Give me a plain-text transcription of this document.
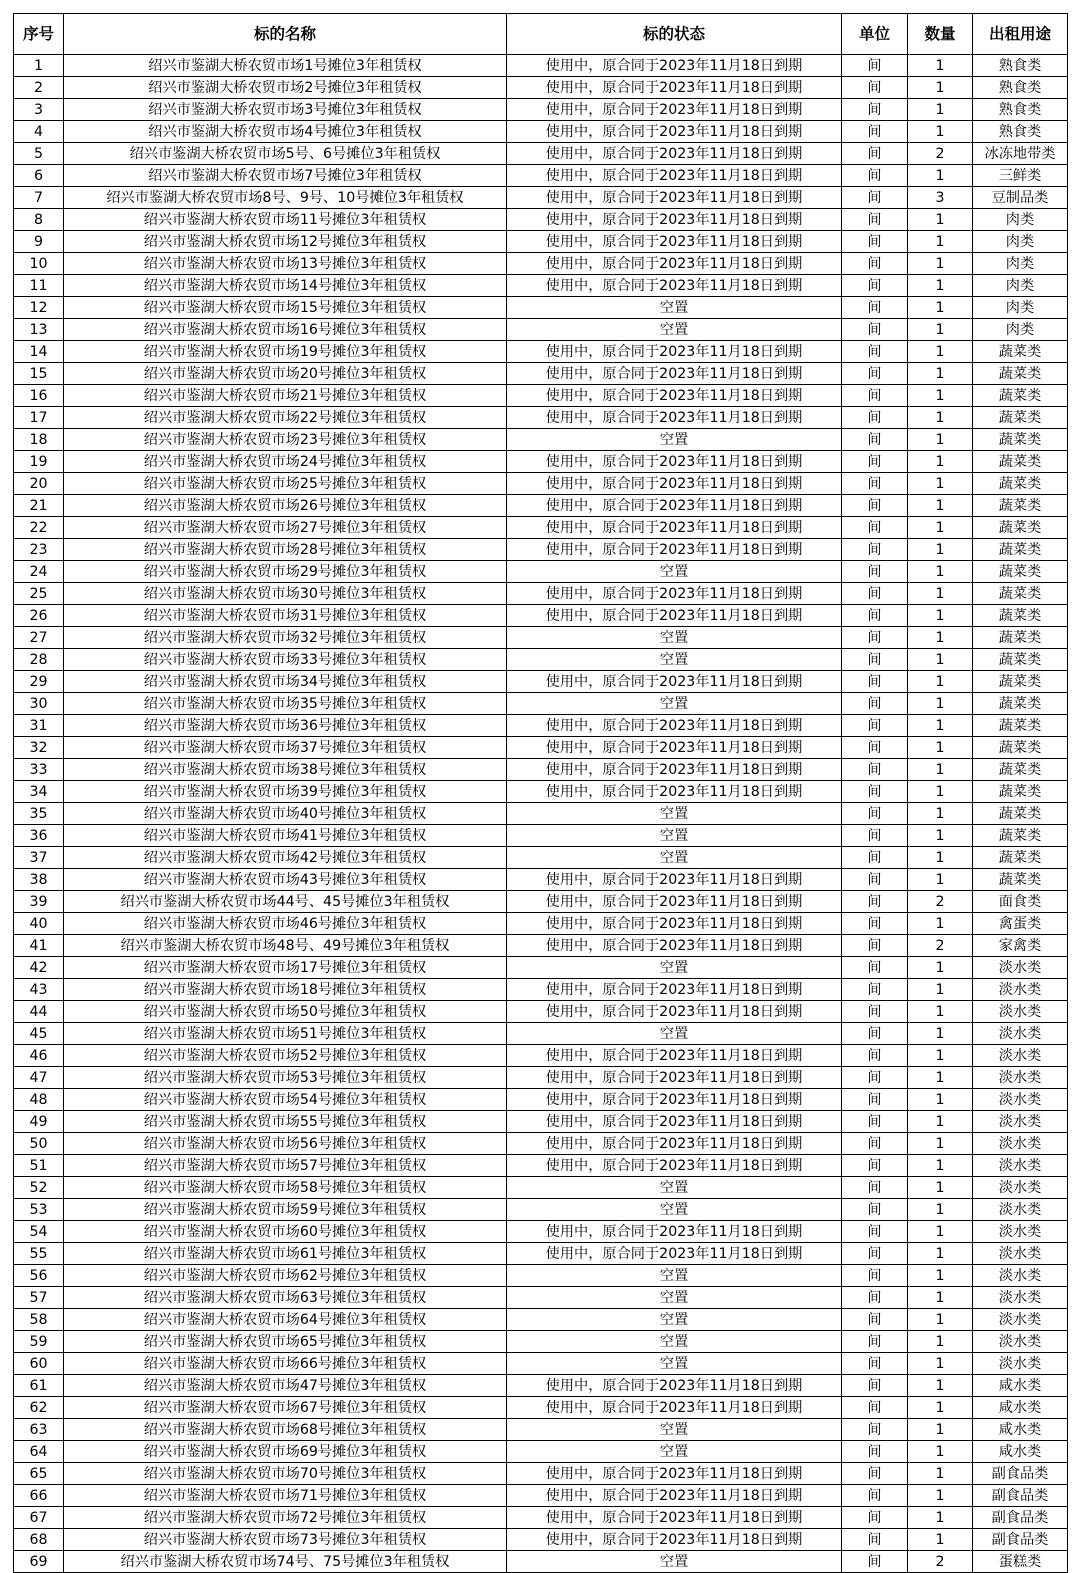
序号	标的名称	标的状态	单位	数量	出租用途
1	绍兴市鉴湖大桥农贸市场1号摊位3年租赁权	使用中，原合同于2023年11月18日到期	间	1	熟食类
2	绍兴市鉴湖大桥农贸市场2号摊位3年租赁权	使用中，原合同于2023年11月18日到期	间	1	熟食类
3	绍兴市鉴湖大桥农贸市场3号摊位3年租赁权	使用中，原合同于2023年11月18日到期	间	1	熟食类
4	绍兴市鉴湖大桥农贸市场4号摊位3年租赁权	使用中，原合同于2023年11月18日到期	间	1	熟食类
5	绍兴市鉴湖大桥农贸市场5号、6号摊位3年租赁权	使用中，原合同于2023年11月18日到期	间	2	冰冻地带类
6	绍兴市鉴湖大桥农贸市场7号摊位3年租赁权	使用中，原合同于2023年11月18日到期	间	1	三鲜类
7	绍兴市鉴湖大桥农贸市场8号、9号、10号摊位3年租赁权	使用中，原合同于2023年11月18日到期	间	3	豆制品类
8	绍兴市鉴湖大桥农贸市场11号摊位3年租赁权	使用中，原合同于2023年11月18日到期	间	1	肉类
9	绍兴市鉴湖大桥农贸市场12号摊位3年租赁权	使用中，原合同于2023年11月18日到期	间	1	肉类
10	绍兴市鉴湖大桥农贸市场13号摊位3年租赁权	使用中，原合同于2023年11月18日到期	间	1	肉类
11	绍兴市鉴湖大桥农贸市场14号摊位3年租赁权	使用中，原合同于2023年11月18日到期	间	1	肉类
12	绍兴市鉴湖大桥农贸市场15号摊位3年租赁权	空置	间	1	肉类
13	绍兴市鉴湖大桥农贸市场16号摊位3年租赁权	空置	间	1	肉类
14	绍兴市鉴湖大桥农贸市场19号摊位3年租赁权	使用中，原合同于2023年11月18日到期	间	1	蔬菜类
15	绍兴市鉴湖大桥农贸市场20号摊位3年租赁权	使用中，原合同于2023年11月18日到期	间	1	蔬菜类
16	绍兴市鉴湖大桥农贸市场21号摊位3年租赁权	使用中，原合同于2023年11月18日到期	间	1	蔬菜类
17	绍兴市鉴湖大桥农贸市场22号摊位3年租赁权	使用中，原合同于2023年11月18日到期	间	1	蔬菜类
18	绍兴市鉴湖大桥农贸市场23号摊位3年租赁权	空置	间	1	蔬菜类
19	绍兴市鉴湖大桥农贸市场24号摊位3年租赁权	使用中，原合同于2023年11月18日到期	间	1	蔬菜类
20	绍兴市鉴湖大桥农贸市场25号摊位3年租赁权	使用中，原合同于2023年11月18日到期	间	1	蔬菜类
21	绍兴市鉴湖大桥农贸市场26号摊位3年租赁权	使用中，原合同于2023年11月18日到期	间	1	蔬菜类
22	绍兴市鉴湖大桥农贸市场27号摊位3年租赁权	使用中，原合同于2023年11月18日到期	间	1	蔬菜类
23	绍兴市鉴湖大桥农贸市场28号摊位3年租赁权	使用中，原合同于2023年11月18日到期	间	1	蔬菜类
24	绍兴市鉴湖大桥农贸市场29号摊位3年租赁权	空置	间	1	蔬菜类
25	绍兴市鉴湖大桥农贸市场30号摊位3年租赁权	使用中，原合同于2023年11月18日到期	间	1	蔬菜类
26	绍兴市鉴湖大桥农贸市场31号摊位3年租赁权	使用中，原合同于2023年11月18日到期	间	1	蔬菜类
27	绍兴市鉴湖大桥农贸市场32号摊位3年租赁权	空置	间	1	蔬菜类
28	绍兴市鉴湖大桥农贸市场33号摊位3年租赁权	空置	间	1	蔬菜类
29	绍兴市鉴湖大桥农贸市场34号摊位3年租赁权	使用中，原合同于2023年11月18日到期	间	1	蔬菜类
30	绍兴市鉴湖大桥农贸市场35号摊位3年租赁权	空置	间	1	蔬菜类
31	绍兴市鉴湖大桥农贸市场36号摊位3年租赁权	使用中，原合同于2023年11月18日到期	间	1	蔬菜类
32	绍兴市鉴湖大桥农贸市场37号摊位3年租赁权	使用中，原合同于2023年11月18日到期	间	1	蔬菜类
33	绍兴市鉴湖大桥农贸市场38号摊位3年租赁权	使用中，原合同于2023年11月18日到期	间	1	蔬菜类
34	绍兴市鉴湖大桥农贸市场39号摊位3年租赁权	使用中，原合同于2023年11月18日到期	间	1	蔬菜类
35	绍兴市鉴湖大桥农贸市场40号摊位3年租赁权	空置	间	1	蔬菜类
36	绍兴市鉴湖大桥农贸市场41号摊位3年租赁权	空置	间	1	蔬菜类
37	绍兴市鉴湖大桥农贸市场42号摊位3年租赁权	空置	间	1	蔬菜类
38	绍兴市鉴湖大桥农贸市场43号摊位3年租赁权	使用中，原合同于2023年11月18日到期	间	1	蔬菜类
39	绍兴市鉴湖大桥农贸市场44号、45号摊位3年租赁权	使用中，原合同于2023年11月18日到期	间	2	面食类
40	绍兴市鉴湖大桥农贸市场46号摊位3年租赁权	使用中，原合同于2023年11月18日到期	间	1	禽蛋类
41	绍兴市鉴湖大桥农贸市场48号、49号摊位3年租赁权	使用中，原合同于2023年11月18日到期	间	2	家禽类
42	绍兴市鉴湖大桥农贸市场17号摊位3年租赁权	空置	间	1	淡水类
43	绍兴市鉴湖大桥农贸市场18号摊位3年租赁权	使用中，原合同于2023年11月18日到期	间	1	淡水类
44	绍兴市鉴湖大桥农贸市场50号摊位3年租赁权	使用中，原合同于2023年11月18日到期	间	1	淡水类
45	绍兴市鉴湖大桥农贸市场51号摊位3年租赁权	空置	间	1	淡水类
46	绍兴市鉴湖大桥农贸市场52号摊位3年租赁权	使用中，原合同于2023年11月18日到期	间	1	淡水类
47	绍兴市鉴湖大桥农贸市场53号摊位3年租赁权	使用中，原合同于2023年11月18日到期	间	1	淡水类
48	绍兴市鉴湖大桥农贸市场54号摊位3年租赁权	使用中，原合同于2023年11月18日到期	间	1	淡水类
49	绍兴市鉴湖大桥农贸市场55号摊位3年租赁权	使用中，原合同于2023年11月18日到期	间	1	淡水类
50	绍兴市鉴湖大桥农贸市场56号摊位3年租赁权	使用中，原合同于2023年11月18日到期	间	1	淡水类
51	绍兴市鉴湖大桥农贸市场57号摊位3年租赁权	使用中，原合同于2023年11月18日到期	间	1	淡水类
52	绍兴市鉴湖大桥农贸市场58号摊位3年租赁权	空置	间	1	淡水类
53	绍兴市鉴湖大桥农贸市场59号摊位3年租赁权	空置	间	1	淡水类
54	绍兴市鉴湖大桥农贸市场60号摊位3年租赁权	使用中，原合同于2023年11月18日到期	间	1	淡水类
55	绍兴市鉴湖大桥农贸市场61号摊位3年租赁权	使用中，原合同于2023年11月18日到期	间	1	淡水类
56	绍兴市鉴湖大桥农贸市场62号摊位3年租赁权	空置	间	1	淡水类
57	绍兴市鉴湖大桥农贸市场63号摊位3年租赁权	空置	间	1	淡水类
58	绍兴市鉴湖大桥农贸市场64号摊位3年租赁权	空置	间	1	淡水类
59	绍兴市鉴湖大桥农贸市场65号摊位3年租赁权	空置	间	1	淡水类
60	绍兴市鉴湖大桥农贸市场66号摊位3年租赁权	空置	间	1	淡水类
61	绍兴市鉴湖大桥农贸市场47号摊位3年租赁权	使用中，原合同于2023年11月18日到期	间	1	咸水类
62	绍兴市鉴湖大桥农贸市场67号摊位3年租赁权	使用中，原合同于2023年11月18日到期	间	1	咸水类
63	绍兴市鉴湖大桥农贸市场68号摊位3年租赁权	空置	间	1	咸水类
64	绍兴市鉴湖大桥农贸市场69号摊位3年租赁权	空置	间	1	咸水类
65	绍兴市鉴湖大桥农贸市场70号摊位3年租赁权	使用中，原合同于2023年11月18日到期	间	1	副食品类
66	绍兴市鉴湖大桥农贸市场71号摊位3年租赁权	使用中，原合同于2023年11月18日到期	间	1	副食品类
67	绍兴市鉴湖大桥农贸市场72号摊位3年租赁权	使用中，原合同于2023年11月18日到期	间	1	副食品类
68	绍兴市鉴湖大桥农贸市场73号摊位3年租赁权	使用中，原合同于2023年11月18日到期	间	1	副食品类
69	绍兴市鉴湖大桥农贸市场74号、75号摊位3年租赁权	空置	间	2	蛋糕类
